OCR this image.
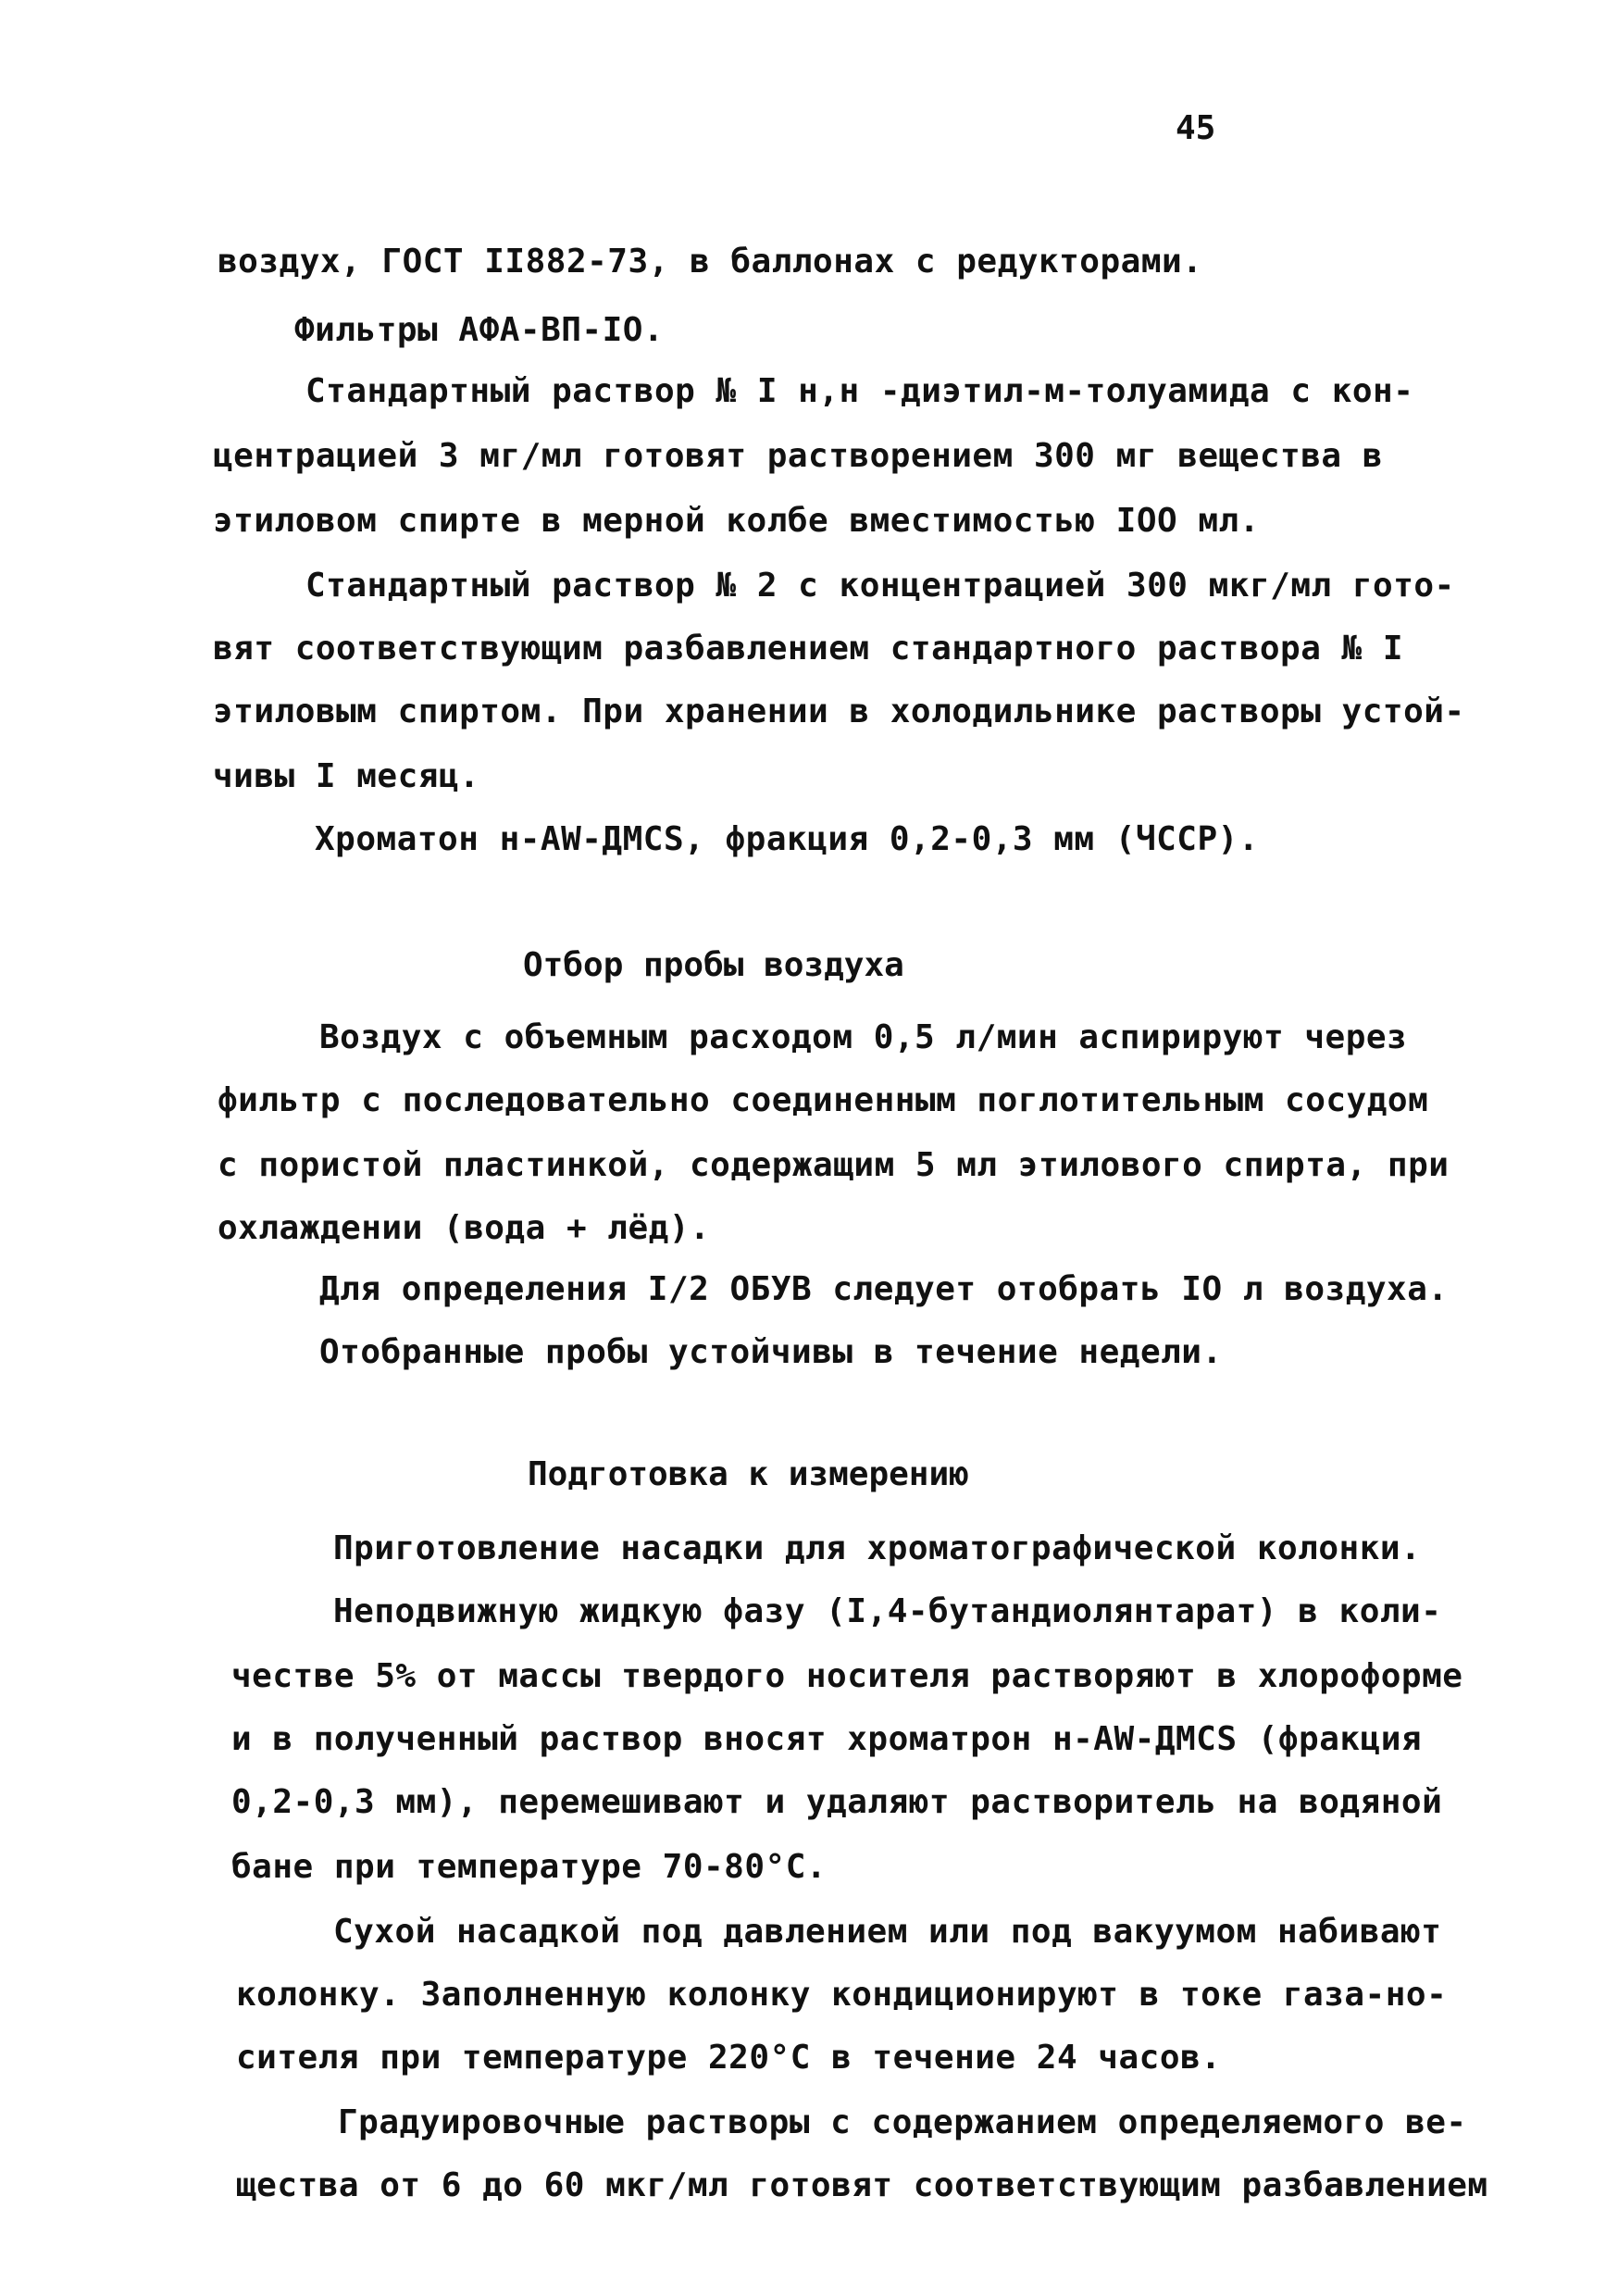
45
воздух, ГОСТ II882-73, в баллонах с редукторами.
Фильтры АФА-ВП-IO.
Стандартный раствор № I н,н -диэтил-м-толуамида с кон-
центрацией 3 мг/мл готовят растворением 300 мг вещества в
этиловом спирте в мерной колбе вместимостью IOO мл.
Стандартный раствор № 2 с концентрацией 300 мкг/мл гото-
вят соответствующим разбавлением стандартного раствора № I
этиловым спиртом. При хранении в холодильнике растворы устой-
чивы I месяц.
Хроматон н-AW-ДМСS, фракция 0,2-0,3 мм (ЧССР).
Отбор пробы воздуха
Воздух с объемным расходом 0,5 л/мин аспирируют через
фильтр с последовательно соединенным поглотительным сосудом
с пористой пластинкой, содержащим 5 мл этилового спирта, при
охлаждении (вода + лёд).
Для определения I/2 ОБУВ следует отобрать IO л воздуха.
Отобранные пробы устойчивы в течение недели.
Подготовка к измерению
Приготовление насадки для хроматографической колонки.
Неподвижную жидкую фазу (I,4-бутандиолянтарат) в коли-
честве 5% от массы твердого носителя растворяют в хлороформе
и в полученный раствор вносят хроматрон н-AW-ДМСS (фракция
0,2-0,3 мм), перемешивают и удаляют растворитель на водяной
бане при температуре 70-80°С.
Сухой насадкой под давлением или под вакуумом набивают
колонку. Заполненную колонку кондиционируют в токе газа-но-
сителя при температуре 220°С в течение 24 часов.
Градуировочные растворы с содержанием определяемого ве-
щества от 6 до 60 мкг/мл готовят соответствующим разбавлением
